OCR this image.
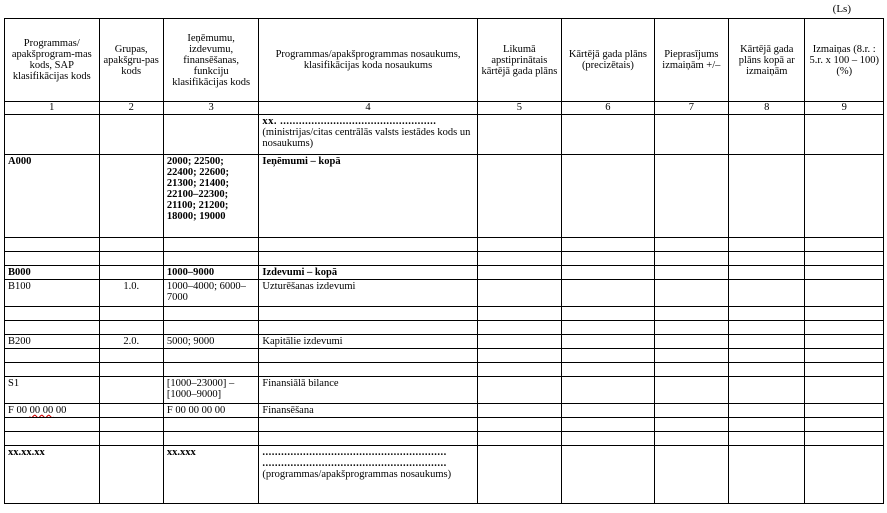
(Ls)
Programmas/ apakšprogram-mas kods, SAP klasifikācijas kods	Grupas, apakšgru-pas kods	Ieņēmumu, izdevumu, finansēšanas, funkciju klasifikācijas kods	Programmas/apakšprogrammas nosaukums, klasifikācijas koda nosaukums	Likumā apstiprinātais kārtējā gada plāns	Kārtējā gada plāns (precizētais)	Pieprasījums izmaiņām +/–	Kārtējā gada plāns kopā ar izmaiņām	Izmaiņas (8.r. : 5.r. x 100 – 100) (%)
1	2	3	4	5	6	7	8	9

			xx. ..................................................
(ministrijas/citas centrālās valsts iestādes kods un nosaukums)					

A000		2000; 22500; 22400; 22600; 21300; 21400; 22100–22300; 21100; 21200; 18000; 19000	Ieņēmumi – kopā					

B000		1000–9000	Izdevumi – kopā					
B100	1.0.	1000–4000; 6000–7000	Uzturēšanas izdevumi					

B200	2.0.	5000; 9000	Kapitālie izdevumi					

S1		[1000–23000] – [1000–9000]	Finansiālā bilance					
F 00 00 00 00		F 00 00 00 00	Finansēšana					

xx.xx.xx		xx.xxx	...........................................................
...........................................................
(programmas/apakšprogrammas nosaukums)					
